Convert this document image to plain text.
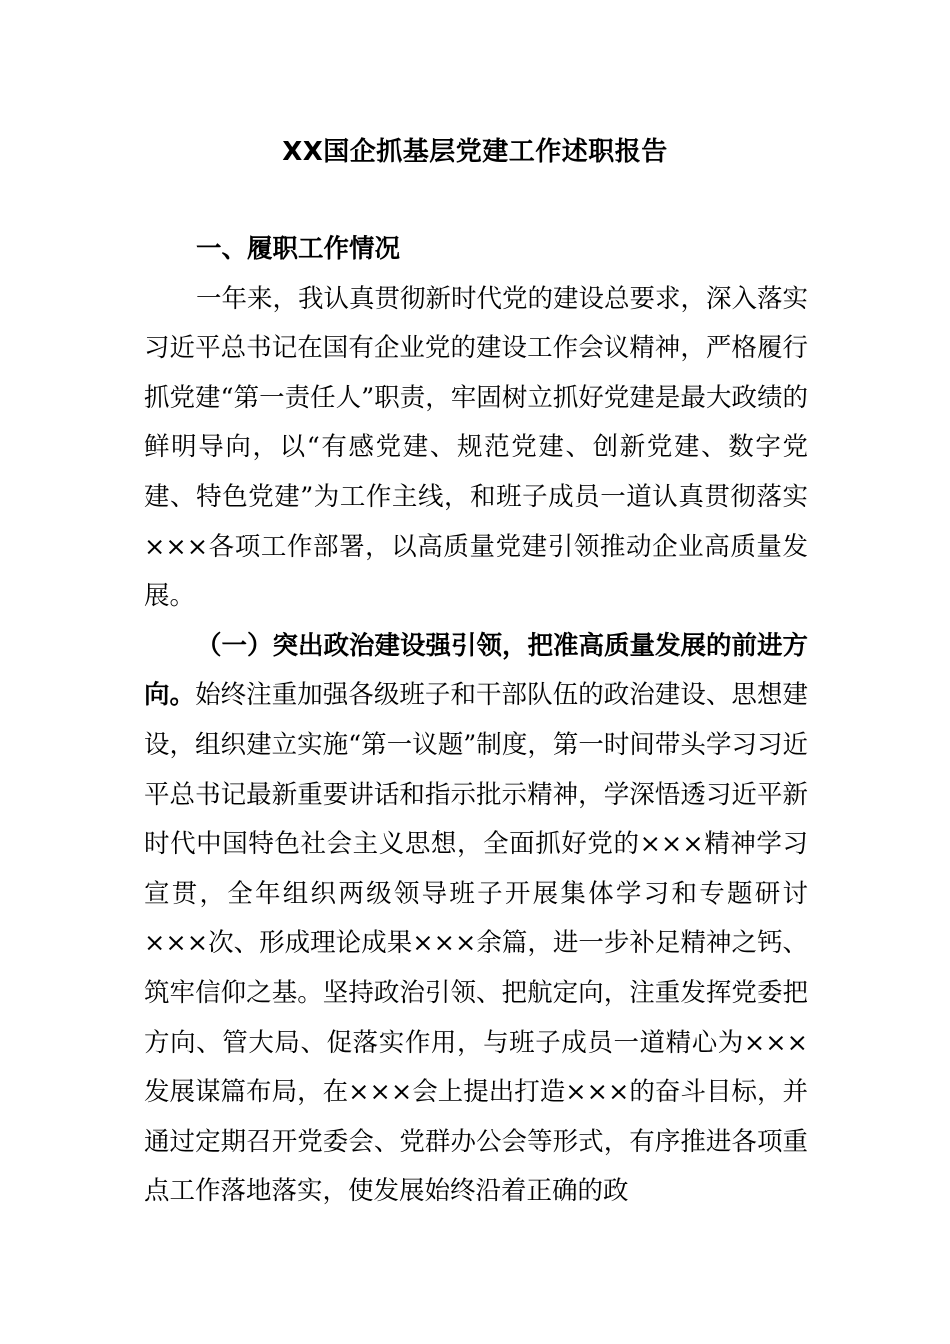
XX国企抓基层党建工作述职报告

一、履职工作情况

一年来，我认真贯彻新时代党的建设总要求，深入落实习近平总书记在国有企业党的建设工作会议精神，严格履行抓党建“第一责任人”职责，牢固树立抓好党建是最大政绩的鲜明导向，以“有感党建、规范党建、创新党建、数字党建、特色党建”为工作主线，和班子成员一道认真贯彻落实×××各项工作部署，以高质量党建引领推动企业高质量发展。

（一）突出政治建设强引领，把准高质量发展的前进方向。始终注重加强各级班子和干部队伍的政治建设、思想建设，组织建立实施“第一议题”制度，第一时间带头学习习近平总书记最新重要讲话和指示批示精神，学深悟透习近平新时代中国特色社会主义思想，全面抓好党的×××精神学习宣贯，全年组织两级领导班子开展集体学习和专题研讨×××次、形成理论成果×××余篇，进一步补足精神之钙、筑牢信仰之基。坚持政治引领、把航定向，注重发挥党委把方向、管大局、促落实作用，与班子成员一道精心为×××发展谋篇布局，在×××会上提出打造×××的奋斗目标，并通过定期召开党委会、党群办公会等形式，有序推进各项重点工作落地落实，使发展始终沿着正确的政
